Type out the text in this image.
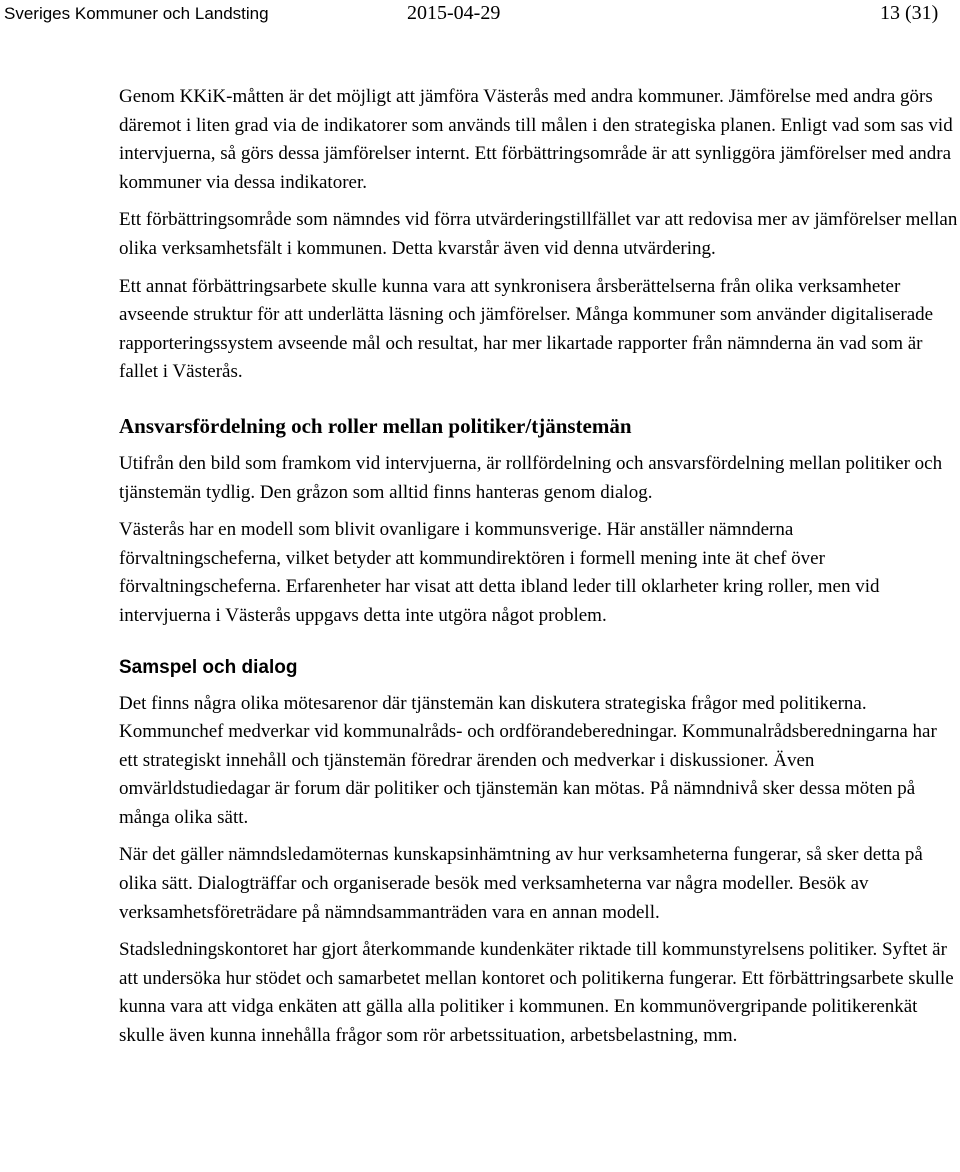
Sveriges Kommuner och Landsting	2015-04-29	13 (31)

Genom KKiK-måtten är det möjligt att jämföra Västerås med andra kommuner. Jämförelse med andra görs däremot i liten grad via de indikatorer som används till målen i den strategiska planen. Enligt vad som sas vid intervjuerna, så görs dessa jämförelser internt. Ett förbättringsområde är att synliggöra jämförelser med andra kommuner via dessa indikatorer.

Ett förbättringsområde som nämndes vid förra utvärderingstillfället var att redovisa mer av jämförelser mellan olika verksamhetsfält i kommunen. Detta kvarstår även vid denna utvärdering.

Ett annat förbättringsarbete skulle kunna vara att synkronisera årsberättelserna från olika verksamheter avseende struktur för att underlätta läsning och jämförelser. Många kommuner som använder digitaliserade rapporteringssystem avseende mål och resultat, har mer likartade rapporter från nämnderna än vad som är fallet i Västerås.

Ansvarsfördelning och roller mellan politiker/tjänstemän

Utifrån den bild som framkom vid intervjuerna, är rollfördelning och ansvarsfördelning mellan politiker och tjänstemän tydlig. Den gråzon som alltid finns hanteras genom dialog.

Västerås har en modell som blivit ovanligare i kommunsverige. Här anställer nämnderna förvaltningscheferna, vilket betyder att kommundirektören i formell mening inte ät chef över förvaltningscheferna. Erfarenheter har visat att detta ibland leder till oklarheter kring roller, men vid intervjuerna i Västerås uppgavs detta inte utgöra något problem.

Samspel och dialog

Det finns några olika mötesarenor där tjänstemän kan diskutera strategiska frågor med politikerna. Kommunchef medverkar vid kommunalråds- och ordförandeberedningar. Kommunalrådsberedningarna har ett strategiskt innehåll och tjänstemän föredrar ärenden och medverkar i diskussioner. Även omvärldstudiedagar är forum där politiker och tjänstemän kan mötas. På nämndnivå sker dessa möten på många olika sätt.

När det gäller nämndsledamöternas kunskapsinhämtning av hur verksamheterna fungerar, så sker detta på olika sätt. Dialogträffar och organiserade besök med verksamheterna var några modeller. Besök av verksamhetsföreträdare på nämndsammanträden vara en annan modell.

Stadsledningskontoret har gjort återkommande kundenkäter riktade till kommunstyrelsens politiker. Syftet är att undersöka hur stödet och samarbetet mellan kontoret och politikerna fungerar. Ett förbättringsarbete skulle kunna vara att vidga enkäten att gälla alla politiker i kommunen. En kommunövergripande politikerenkät skulle även kunna innehålla frågor som rör arbetssituation, arbetsbelastning, mm.
